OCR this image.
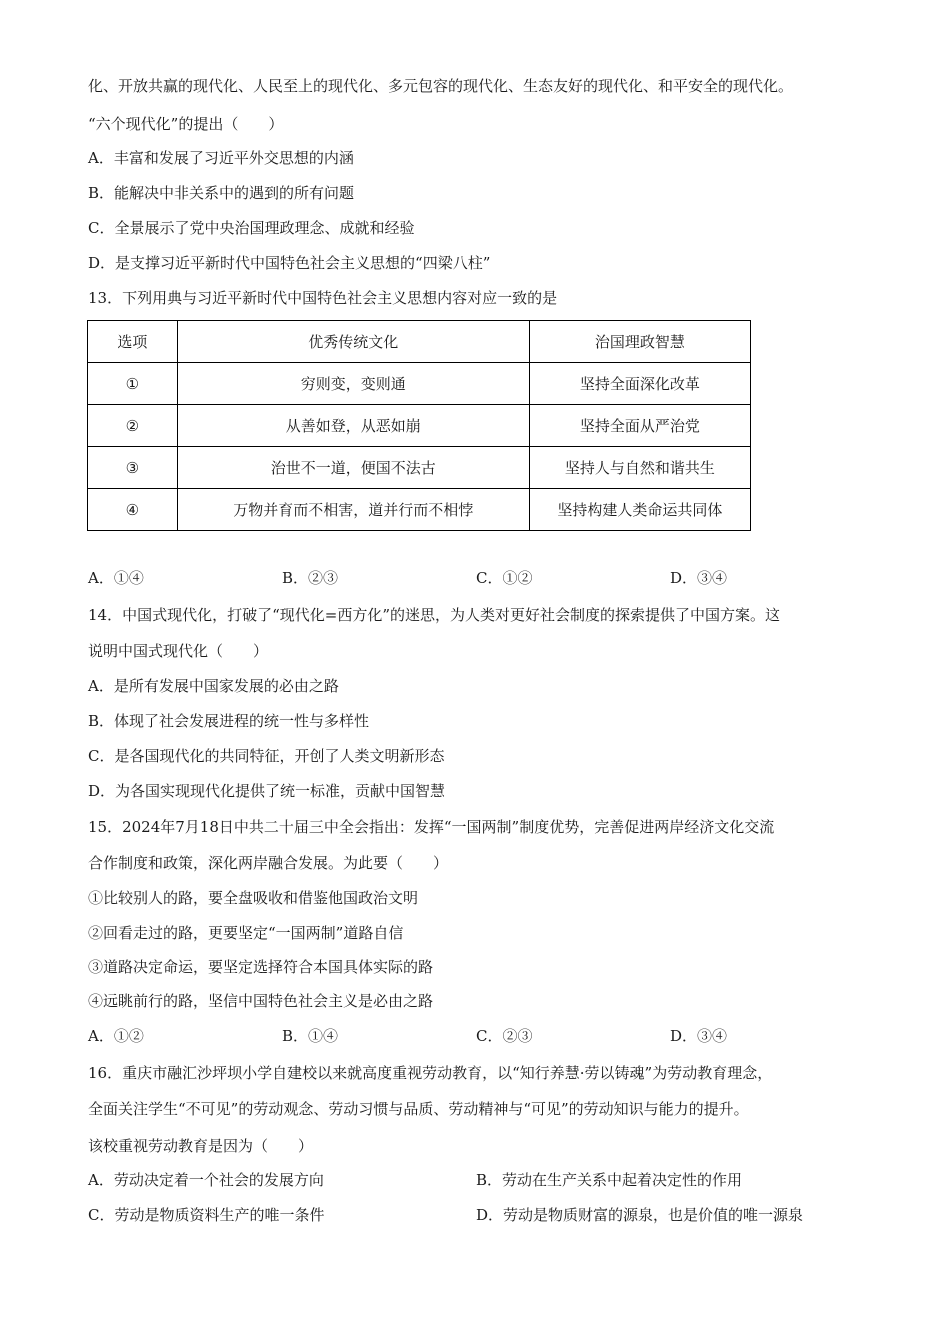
化、开放共赢的现代化、人民至上的现代化、多元包容的现代化、生态友好的现代化、和平安全的现代化。
“六个现代化”的提出（　　）
A．丰富和发展了习近平外交思想的内涵
B．能解决中非关系中的遇到的所有问题
C．全景展示了党中央治国理政理念、成就和经验
D．是支撑习近平新时代中国特色社会主义思想的“四梁八柱”
13．下列用典与习近平新时代中国特色社会主义思想内容对应一致的是
选项	优秀传统文化	治国理政智慧
①	穷则变，变则通	坚持全面深化改革
②	从善如登，从恶如崩	坚持全面从严治党
③	治世不一道，便国不法古	坚持人与自然和谐共生
④	万物并育而不相害，道并行而不相悖	坚持构建人类命运共同体
A．①④	B．②③	C．①②	D．③④
14．中国式现代化，打破了“现代化=西方化”的迷思，为人类对更好社会制度的探索提供了中国方案。这
说明中国式现代化（　　）
A．是所有发展中国家发展的必由之路
B．体现了社会发展进程的统一性与多样性
C．是各国现代化的共同特征，开创了人类文明新形态
D．为各国实现现代化提供了统一标准，贡献中国智慧
15．2024年7月18日中共二十届三中全会指出：发挥“一国两制”制度优势，完善促进两岸经济文化交流
合作制度和政策，深化两岸融合发展。为此要（　　）
①比较别人的路，要全盘吸收和借鉴他国政治文明
②回看走过的路，更要坚定“一国两制”道路自信
③道路决定命运，要坚定选择符合本国具体实际的路
④远眺前行的路，坚信中国特色社会主义是必由之路
A．①②	B．①④	C．②③	D．③④
16．重庆市融汇沙坪坝小学自建校以来就高度重视劳动教育，以“知行养慧·劳以铸魂”为劳动教育理念，
全面关注学生“不可见”的劳动观念、劳动习惯与品质、劳动精神与“可见”的劳动知识与能力的提升。
该校重视劳动教育是因为（　　）
A．劳动决定着一个社会的发展方向	B．劳动在生产关系中起着决定性的作用
C．劳动是物质资料生产的唯一条件	D．劳动是物质财富的源泉，也是价值的唯一源泉
